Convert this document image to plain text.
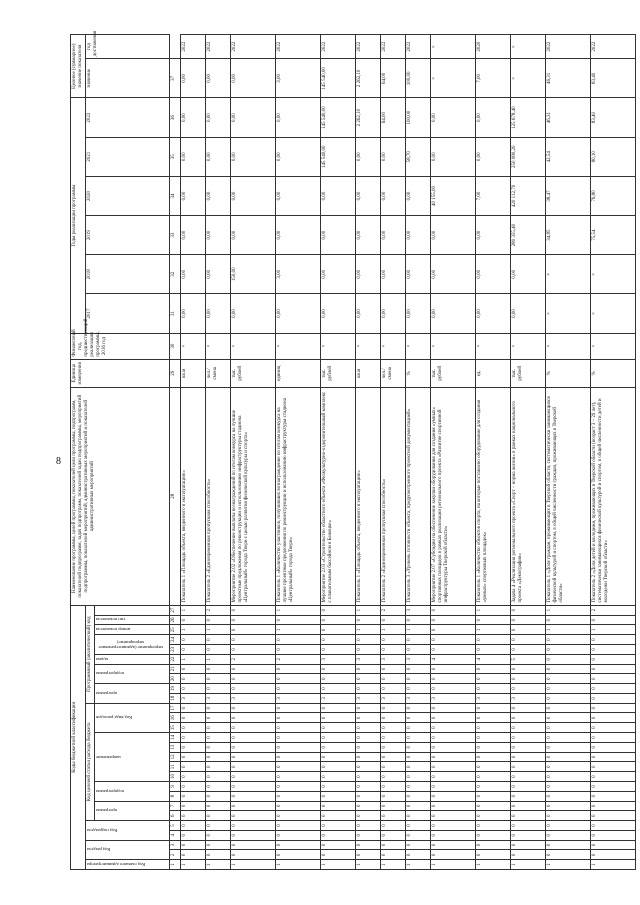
8
Коды бюджетной классификации																											Наименование программы, целей программы, показателей цели программы, подпрограмм, показателей подпрограмм, задач подпрограмм, показателей задач подпрограммы, мероприятий подпрограммы, показателей мероприятий, административных мероприятий и показателей административных мероприятий	Единица измерения	Финансовый год, предшествующий реализации программы, 2016 год	Годы реализации программы						Целевое (суммарное) значение показателя	

Код главного администратора	Код раздела		Код подраздела		Код целевой статьи расхода бюджета												Программный (аналитический) код													2017	2018	2019	2020	2021	2022	значение	год достижения

					программа		подпрограмма		направление					Код вида расходов			программа		подпрограмма		задача	мероприятие (административное мероприятие)		номер показателя	тип показателя												

1	2	3	4	5	6	7	8	9	10	11	12	13	14	15	16	17	18	19	20	21	22	23	24	25	26	27	28	29	30	31	32	33	34	35	36	37	
1	0	0	0	0	0	0	0	0	0	0	0	0	0	0	0	0	3	0	0	0	1	0	0	1	0	1	Показатель 1 «Площадь объекта, введенного в эксплуатацию»	кв.м	×	0,00	0,00	0,00	0,00	0,00	0,00	0,00	2022
1	0	0	0	0	0	0	0	0	0	0	0	0	0	0	0	0	3	0	0	0	1	0	0	1	0	2	Показатель 2 «Единовременная пропускная способность»	чел./ смена	×	0,00	0,00	0,00	0,00	0,00	0,00	0,00	2022
1	0	0	0	0	0	0	0	0	0	0	0	0	0	0	0	0	3	0	0	0	2	0	0	0	0	0	Мероприятие 2.02 «Обеспечение выплаты вознаграждений по итогам конкурса на лучшие проектные предложения по реконструкции и использованию инфраструктуры стадиона «Центральный» города Твери с целью развития физической культуры и спорта»	тыс. рублей	×	0,00	150,00	0,00	0,00	0,00	0,00	0,00	2022
1	0	0	0	0	0	0	0	0	0	0	0	0	0	0	0	0	3	0	0	0	2	0	0	1	0	1	Показатель 1 «Количество участников, получивших вознаграждение по итогам конкурса на лучшие проектные предложения по реконструкции и использованию инфраструктуры стадиона «Центральный» города Твери»	единиц	×	0,00	3,00	0,00	0,00	0,00	0,00	3,00	2022
1	0	0	0	0	0	0	0	0	0	0	0	0	0	0	0	0	3	0	0	0	3	0	0	0	0	0	Мероприятие 2.03 «Строительство областного объекта «Физкультурно-оздоровительный комплекс с плавательным бассейном в Бежецке»	тыс. рублей	×	0,00	0,00	0,00	0,00	145 540,00	145 540,00	145 540,00	2022
1	0	0	0	0	0	0	0	0	0	0	0	0	0	0	0	0	3	0	0	0	3	0	0	1	0	1	Показатель 1 «Площадь объекта, введенного в эксплуатацию»	кв.м	×	0,00	0,00	0,00	0,00	0,00	2 262,10	2 262,10	2022
1	0	0	0	0	0	0	0	0	0	0	0	0	0	0	0	0	3	0	0	0	3	0	0	1	0	2	Показатель 2 «Единовременная пропускная способность»	чел./ смена	×	0,00	0,00	0,00	0,00	0,00	64,00	64,00	2022
1	0	0	0	0	0	0	0	0	0	0	0	0	0	0	0	0	3	0	0	0	3	0	0	1	0	3	Показатель 3 «Уровень готовности объекта, предусмотренного проектной документацией»	%	×	0,00	0,00	0,00	0,00	58,70	100,00	100,00	2022
1	0	0	0	0	0	0	0	0	0	0	0	0	0	0	0	0	3	0	0	0	4	0	0	0	0	0	Мероприятие 2.07 «Субсидии на обеспечение закупки оборудования для создания «умных» спортивных площадок в рамках реализации регионального проекта «Развитие спортивной инфраструктуры Тверской области»	тыс. рублей	×	0,00	0,00	0,00	40 155,00	0,00	0,00	×	×
1	0	0	0	0	0	0	0	0	0	0	0	0	0	0	0	0	3	0	0	0	4	0	0	1	0	1	Показатель 1 «Количество объектов спорта, на которые поставлено оборудование для создания «умных» спортивных площадок»	ед.	×	0,00	0,00	0,00	7,00	0,00	0,00	7,00	2020
1	0	0	0	0	0	0	0	0	0	0	0	0	0	0	0	0	3	0	0	0	5	0	0	0	0	0	Задача 4 «Реализация регионального проекта «Спорт – норма жизни» в рамках национального проекта «Демография»	тыс. рублей	×	0,00	0,00	280 355,40	420 112,70	250 080,20	125 678,40	×	×
1	0	0	0	0	0	0	0	0	0	0	0	0	0	0	0	0	0	0	0	0	0	0	0	1	0	1	Показатель 1 «Доля граждан, проживающих в Тверской области, систематически занимающихся физической культурой и спортом, в общей численности граждан, проживающих в Тверской области»	%	×	×	×	34,85	38,47	42,54	46,31	46,31	2022
1	0	0	0	0	0	0	0	0	0	0	0	0	0	0	0	0	0	0	0	0	0	0	0	1	0	2	Показатель 2 «Доля детей и молодежи, проживающих в Тверской области (возраст 3 – 29 лет), систематически занимающихся физической культурой и спортом, в общей численности детей и молодежи Тверской области»	%	×	×	×	75,54	76,80	80,10	83,40	83,40	2022
